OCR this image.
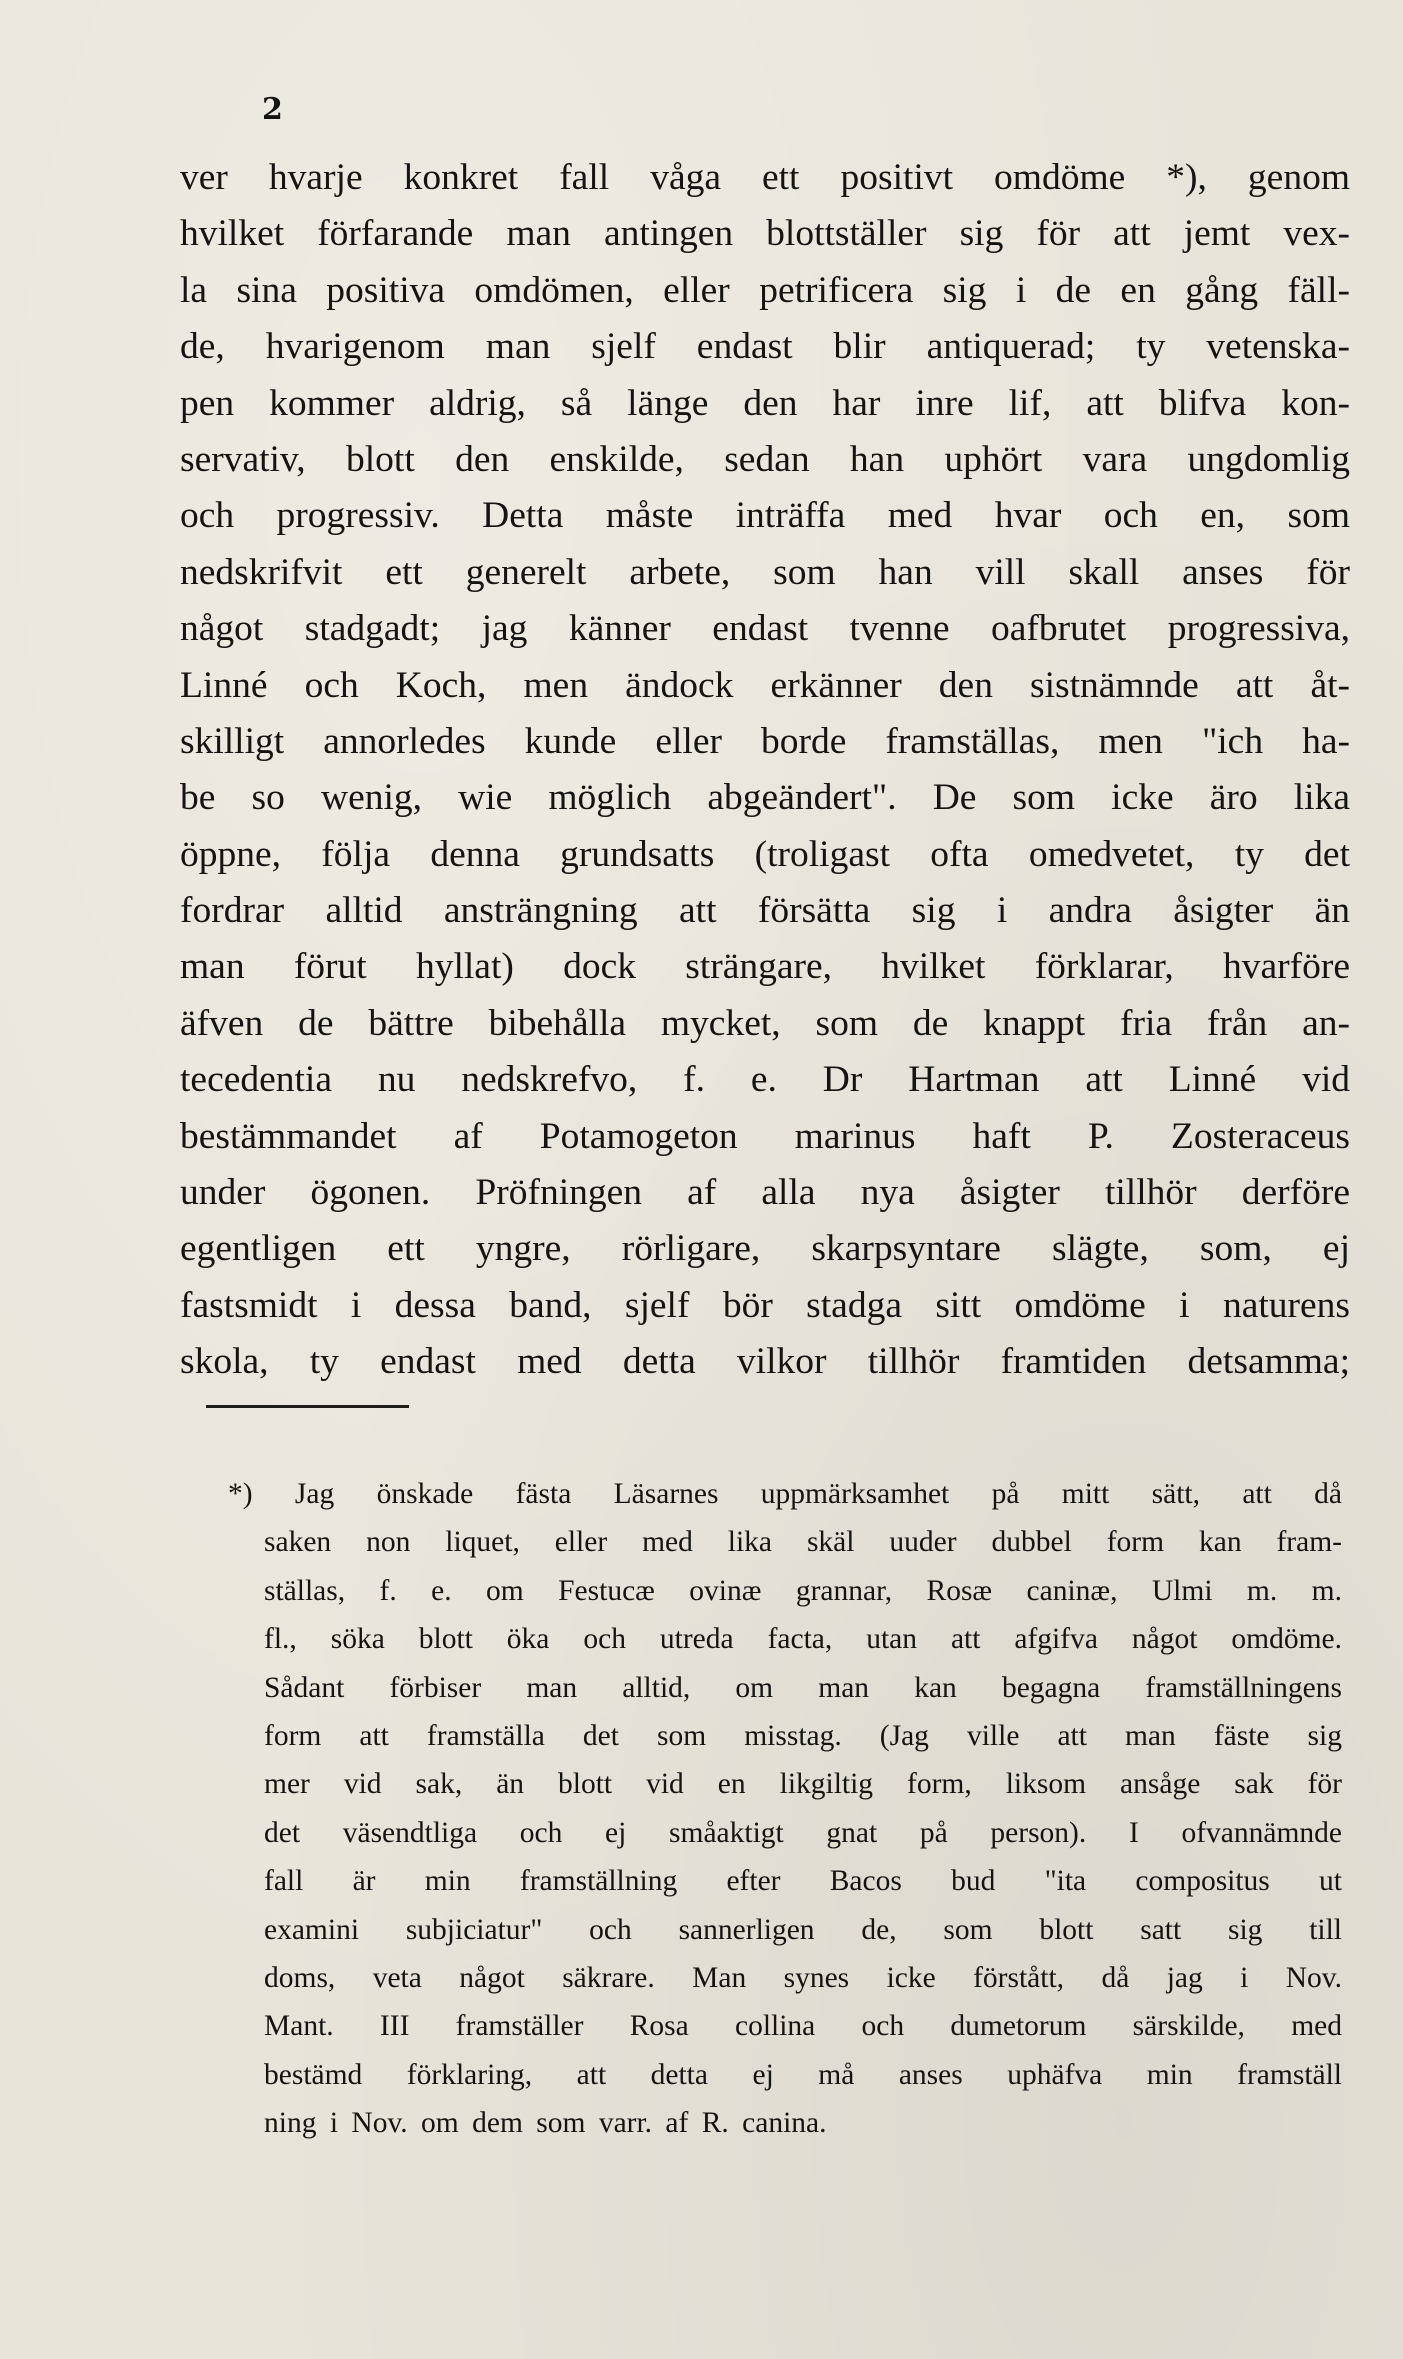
2
ver hvarje konkret fall våga ett positivt omdöme *), genom
hvilket förfarande man antingen blottställer sig för att jemt vex-
la sina positiva omdömen, eller petrificera sig i de en gång fäll-
de, hvarigenom man sjelf endast blir antiquerad; ty vetenska-
pen kommer aldrig, så länge den har inre lif, att blifva kon-
servativ, blott den enskilde, sedan han uphört vara ungdomlig
och progressiv. Detta måste inträffa med hvar och en, som
nedskrifvit ett generelt arbete, som han vill skall anses för
något stadgadt; jag känner endast tvenne oafbrutet progressiva,
Linné och Koch, men ändock erkänner den sistnämnde att åt-
skilligt annorledes kunde eller borde framställas, men "ich ha-
be so wenig, wie möglich abgeändert". De som icke äro lika
öppne, följa denna grundsatts (troligast ofta omedvetet, ty det
fordrar alltid ansträngning att försätta sig i andra åsigter än
man förut hyllat) dock strängare, hvilket förklarar, hvarföre
äfven de bättre bibehålla mycket, som de knappt fria från an-
tecedentia nu nedskrefvo, f. e. Dr Hartman att Linné vid
bestämmandet af Potamogeton marinus haft P. Zosteraceus
under ögonen. Pröfningen af alla nya åsigter tillhör derföre
egentligen ett yngre, rörligare, skarpsyntare slägte, som, ej
fastsmidt i dessa band, sjelf bör stadga sitt omdöme i naturens
skola, ty endast med detta vilkor tillhör framtiden detsamma;
*) Jag önskade fästa Läsarnes uppmärksamhet på mitt sätt, att då
saken non liquet, eller med lika skäl uuder dubbel form kan fram-
ställas, f. e. om Festucæ ovinæ grannar, Rosæ caninæ, Ulmi m. m.
fl., söka blott öka och utreda facta, utan att afgifva något omdöme.
Sådant förbiser man alltid, om man kan begagna framställningens
form att framställa det som misstag. (Jag ville att man fäste sig
mer vid sak, än blott vid en likgiltig form, liksom ansåge sak för
det väsendtliga och ej småaktigt gnat på person). I ofvannämnde
fall är min framställning efter Bacos bud "ita compositus ut
examini subjiciatur" och sannerligen de, som blott satt sig till
doms, veta något säkrare. Man synes icke förstått, då jag i Nov.
Mant. III framställer Rosa collina och dumetorum särskilde, med
bestämd förklaring, att detta ej må anses uphäfva min framställ
ning i Nov. om dem som varr. af R. canina.
